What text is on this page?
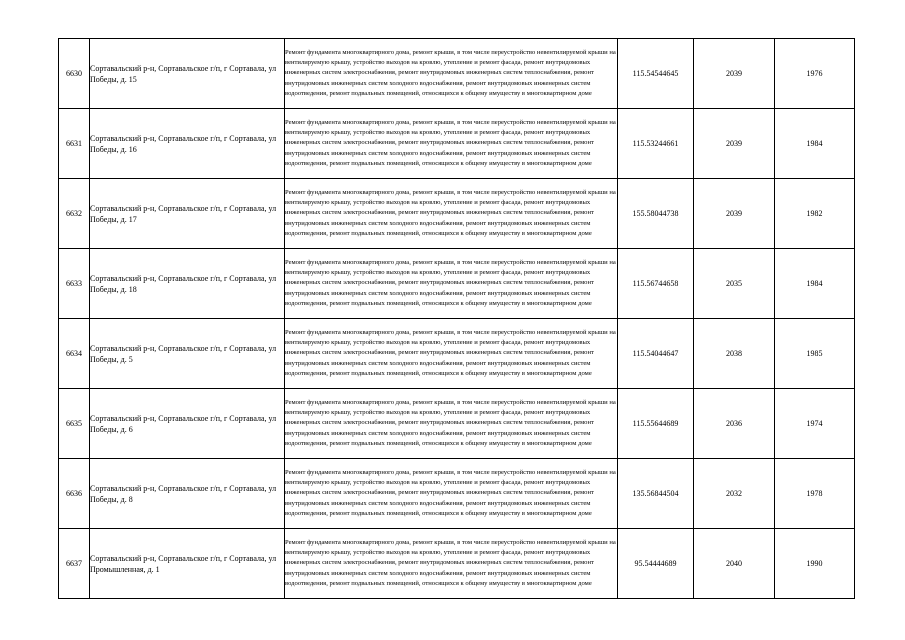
6630	Сортавальский р-н, Сортавальское г/п, г Сортавала, ул Победы, д. 15	Ремонт фундамента многоквартирного дома, ремонт крыши, в том числе переустройство невентилируемой крыши на вентилируемую крышу, устройство выходов на кровлю, утепление и ремонт фасада, ремонт внутридомовых инженерных систем электроснабжения, ремонт внутридомовых инженерных систем теплоснабжения, ремонт внутридомовых инженерных систем холодного водоснабжения, ремонт внутридомовых инженерных систем водоотведения, ремонт подвальных помещений, относящихся к общему имуществу в многоквартирном доме	115.54544645	2039	1976
6631	Сортавальский р-н, Сортавальское г/п, г Сортавала, ул Победы, д. 16	Ремонт фундамента многоквартирного дома, ремонт крыши, в том числе переустройство невентилируемой крыши на вентилируемую крышу, устройство выходов на кровлю, утепление и ремонт фасада, ремонт внутридомовых инженерных систем электроснабжения, ремонт внутридомовых инженерных систем теплоснабжения, ремонт внутридомовых инженерных систем холодного водоснабжения, ремонт внутридомовых инженерных систем водоотведения, ремонт подвальных помещений, относящихся к общему имуществу в многоквартирном доме	115.53244661	2039	1984
6632	Сортавальский р-н, Сортавальское г/п, г Сортавала, ул Победы, д. 17	Ремонт фундамента многоквартирного дома, ремонт крыши, в том числе переустройство невентилируемой крыши на вентилируемую крышу, устройство выходов на кровлю, утепление и ремонт фасада, ремонт внутридомовых инженерных систем электроснабжения, ремонт внутридомовых инженерных систем теплоснабжения, ремонт внутридомовых инженерных систем холодного водоснабжения, ремонт внутридомовых инженерных систем водоотведения, ремонт подвальных помещений, относящихся к общему имуществу в многоквартирном доме	155.58044738	2039	1982
6633	Сортавальский р-н, Сортавальское г/п, г Сортавала, ул Победы, д. 18	Ремонт фундамента многоквартирного дома, ремонт крыши, в том числе переустройство невентилируемой крыши на вентилируемую крышу, устройство выходов на кровлю, утепление и ремонт фасада, ремонт внутридомовых инженерных систем электроснабжения, ремонт внутридомовых инженерных систем теплоснабжения, ремонт внутридомовых инженерных систем холодного водоснабжения, ремонт внутридомовых инженерных систем водоотведения, ремонт подвальных помещений, относящихся к общему имуществу в многоквартирном доме	115.56744658	2035	1984
6634	Сортавальский р-н, Сортавальское г/п, г Сортавала, ул Победы, д. 5	Ремонт фундамента многоквартирного дома, ремонт крыши, в том числе переустройство невентилируемой крыши на вентилируемую крышу, устройство выходов на кровлю, утепление и ремонт фасада, ремонт внутридомовых инженерных систем электроснабжения, ремонт внутридомовых инженерных систем теплоснабжения, ремонт внутридомовых инженерных систем холодного водоснабжения, ремонт внутридомовых инженерных систем водоотведения, ремонт подвальных помещений, относящихся к общему имуществу в многоквартирном доме	115.54044647	2038	1985
6635	Сортавальский р-н, Сортавальское г/п, г Сортавала, ул Победы, д. 6	Ремонт фундамента многоквартирного дома, ремонт крыши, в том числе переустройство невентилируемой крыши на вентилируемую крышу, устройство выходов на кровлю, утепление и ремонт фасада, ремонт внутридомовых инженерных систем электроснабжения, ремонт внутридомовых инженерных систем теплоснабжения, ремонт внутридомовых инженерных систем холодного водоснабжения, ремонт внутридомовых инженерных систем водоотведения, ремонт подвальных помещений, относящихся к общему имуществу в многоквартирном доме	115.55644689	2036	1974
6636	Сортавальский р-н, Сортавальское г/п, г Сортавала, ул Победы, д. 8	Ремонт фундамента многоквартирного дома, ремонт крыши, в том числе переустройство невентилируемой крыши на вентилируемую крышу, устройство выходов на кровлю, утепление и ремонт фасада, ремонт внутридомовых инженерных систем электроснабжения, ремонт внутридомовых инженерных систем теплоснабжения, ремонт внутридомовых инженерных систем холодного водоснабжения, ремонт внутридомовых инженерных систем водоотведения, ремонт подвальных помещений, относящихся к общему имуществу в многоквартирном доме	135.56844504	2032	1978
6637	Сортавальский р-н, Сортавальское г/п, г Сортавала, ул Промышленная, д. 1	Ремонт фундамента многоквартирного дома, ремонт крыши, в том числе переустройство невентилируемой крыши на вентилируемую крышу, устройство выходов на кровлю, утепление и ремонт фасада, ремонт внутридомовых инженерных систем электроснабжения, ремонт внутридомовых инженерных систем теплоснабжения, ремонт внутридомовых инженерных систем холодного водоснабжения, ремонт внутридомовых инженерных систем водоотведения, ремонт подвальных помещений, относящихся к общему имуществу в многоквартирном доме	95.54444689	2040	1990
